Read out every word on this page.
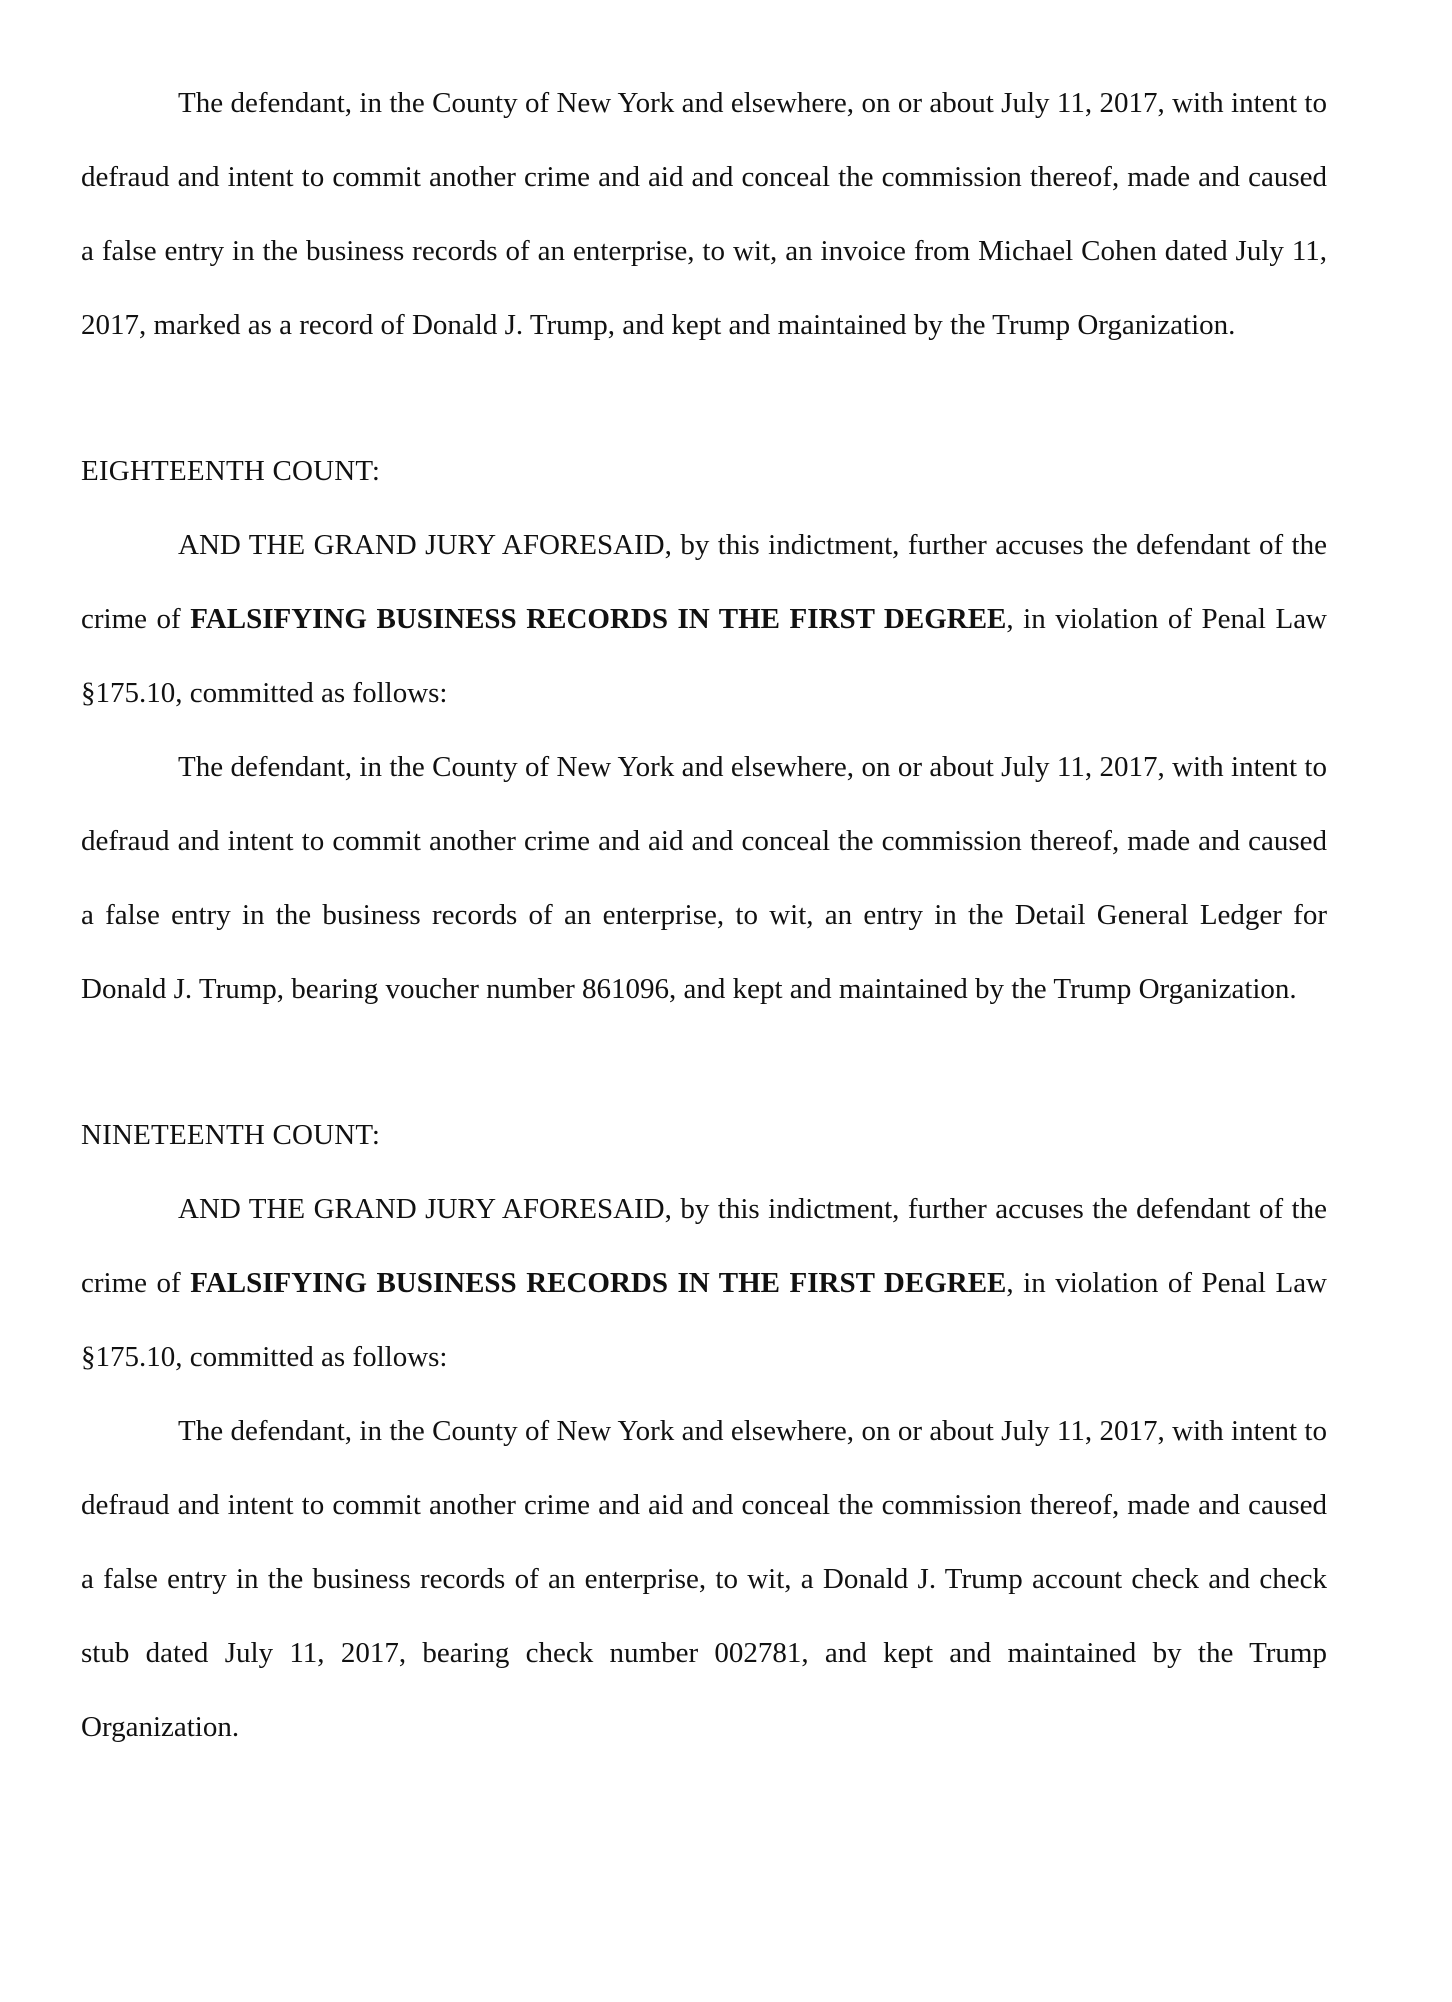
The defendant, in the County of New York and elsewhere, on or about July 11, 2017, with intent to defraud and intent to commit another crime and aid and conceal the commission thereof, made and caused a false entry in the business records of an enterprise, to wit, an invoice from Michael Cohen dated July 11, 2017, marked as a record of Donald J. Trump, and kept and maintained by the Trump Organization.

EIGHTEENTH COUNT:

AND THE GRAND JURY AFORESAID, by this indictment, further accuses the defendant of the crime of FALSIFYING BUSINESS RECORDS IN THE FIRST DEGREE, in violation of Penal Law §175.10, committed as follows:

The defendant, in the County of New York and elsewhere, on or about July 11, 2017, with intent to defraud and intent to commit another crime and aid and conceal the commission thereof, made and caused a false entry in the business records of an enterprise, to wit, an entry in the Detail General Ledger for Donald J. Trump, bearing voucher number 861096, and kept and maintained by the Trump Organization.

NINETEENTH COUNT:

AND THE GRAND JURY AFORESAID, by this indictment, further accuses the defendant of the crime of FALSIFYING BUSINESS RECORDS IN THE FIRST DEGREE, in violation of Penal Law §175.10, committed as follows:

The defendant, in the County of New York and elsewhere, on or about July 11, 2017, with intent to defraud and intent to commit another crime and aid and conceal the commission thereof, made and caused a false entry in the business records of an enterprise, to wit, a Donald J. Trump account check and check stub dated July 11, 2017, bearing check number 002781, and kept and maintained by the Trump Organization.
